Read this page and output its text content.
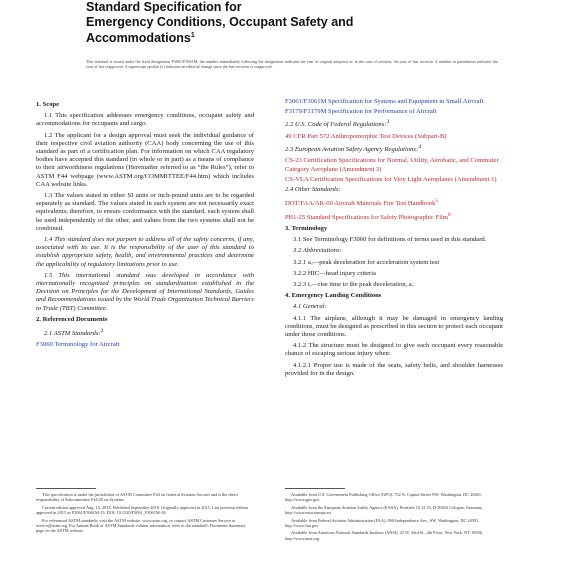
Standard Specification for
Emergency Conditions, Occupant Safety and
Accommodations$^1$
This standard is issued under the fixed designation F3061/F3061M; the number immediately following the designation indicates the year of original adoption or, in the case of revision, the year of last revision. A number in parentheses indicates the year of last reapproval. A superscript epsilon (ε) indicates an editorial change since the last revision or reapproval.
1. Scope

1.1 This specification addresses emergency conditions, occupant safety and accommodations for occupants and cargo.

1.2 The applicant for a design approval must seek the individual guidance of their respective civil aviation authority (CAA) body concerning the use of this standard as part of a certification plan. For information on which CAA regulatory bodies have accepted this standard (in whole or in part) as a means of compliance to their airworthiness regulations (Hereinafter referred to as “the Rules”), refer to ASTM F44 webpage (www.ASTM.org/COMMITTEE/F44.htm) which includes CAA website links.

1.3 The values stated in either SI units or inch-pound units are to be regarded separately as standard. The values stated in each system are not necessarily exact equivalents; therefore, to ensure conformance with the standard, each system shall be used independently of the other, and values from the two systems shall not be combined.

1.4 This standard does not purport to address all of the safety concerns, if any, associated with its use. It is the responsibility of the user of this standard to establish appropriate safety, health, and environmental practices and determine the applicability of regulatory limitations prior to use.

1.5 This international standard was developed in accordance with internationally recognized principles on standardization established in the Decision on Principles for the Development of International Standards, Guides and Recommendations issued by the World Trade Organization Technical Barriers to Trade (TBT) Committee.

2. Referenced Documents

2.1 ASTM Standards:$^2$

F3060 Terminology for Aircraft
F3061/F3061M Specification for Systems and Equipment in Small Aircraft
F3179/F3179M Specification for Performance of Aircraft

2.2 U.S. Code of Federal Regulations:$^3$

49 CFR Part 572 Anthropomorphic Test Devices (Subpart-B)

2.3 European Aviation Safety Agency Regulations:$^4$

CS-23 Certification Specifications for Normal, Utility, Aerobatic, and Commuter Category Aeroplane (Amendment 3)
CS-VLA Certification Specifications for Very Light Aeroplanes (Amendment 1)

2.4 Other Standards:

DOT/FAA/AR-00 Aircraft Materials Fire Test Handbook$^5$
PB1-25 Standard Specifications for Safety Photographic Film$^6$
3. Terminology

3.1 See Terminology F3060 for definitions of terms used in this standard.

3.2 Abbreviations:

3.2.1 aₒ—peak deceleration for acceleration system test

3.2.2 HIC—head injury criteria

3.2.3 tₒ—rise time to the peak deceleration, aₒ

4. Emergency Landing Conditions

4.1 General:

4.1.1 The airplane, although it may be damaged in emergency landing conditions, must be designed as prescribed in this section to protect each occupant under those conditions.

4.1.2 The structure must be designed to give each occupant every reasonable chance of escaping serious injury when:

4.1.2.1 Proper use is made of the seats, safety belts, and shoulder harnesses provided for in the design.

This specification is under the jurisdiction of ASTM Committee F44 on General Aviation Aircraft and is the direct responsibility of Subcommittee F44.50 on Systems.

Current edition approved Aug. 15, 2018. Published September 2018. Originally approved in 2015. Last previous edition approved in 2015 as F3061/F3061M-15. DOI: 10.1520/F3061_F3061M-18.

For referenced ASTM standards, visit the ASTM website, www.astm.org, or contact ASTM Customer Service at service@astm.org. For Annual Book of ASTM Standards volume information, refer to the standard's Document Summary page on the ASTM website.

Available from U.S. Government Publishing Office (GPO), 732 N. Capitol Street NW, Washington, DC 20401, http://www.gpo.gov.

Available from the European Aviation Safety Agency (EASA), Postfach 10 12 53, D-50452 Cologne, Germany, http://www.easa.europa.eu.

Available from Federal Aviation Administration (FAA), 800 Independence Ave., SW, Washington, DC 20591, http://www.faa.gov.

Available from American National Standards Institute (ANSI), 25 W. 43rd St., 4th Floor, New York, NY 10036, http://www.ansi.org.
